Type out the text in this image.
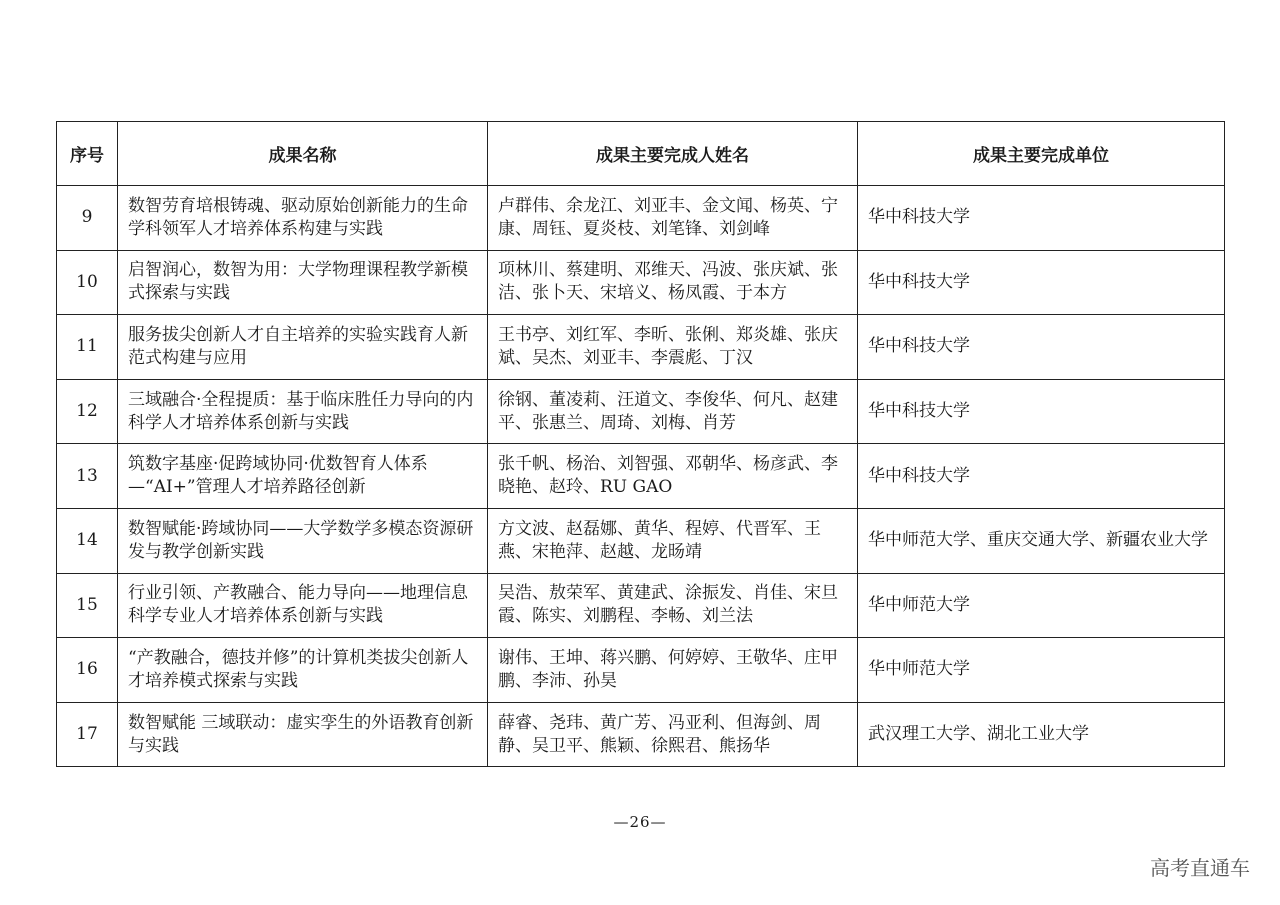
序号	成果名称	成果主要完成人姓名	成果主要完成单位
9	数智劳育培根铸魂、驱动原始创新能力的生命学科领军人才培养体系构建与实践	卢群伟、余龙江、刘亚丰、金文闻、杨英、宁康、周钰、夏炎枝、刘笔锋、刘剑峰	华中科技大学
10	启智润心，数智为用：大学物理课程教学新模式探索与实践	项林川、蔡建明、邓维天、冯波、张庆斌、张洁、张卜天、宋培义、杨凤霞、于本方	华中科技大学
11	服务拔尖创新人才自主培养的实验实践育人新范式构建与应用	王书亭、刘红军、李昕、张俐、郑炎雄、张庆斌、吴杰、刘亚丰、李震彪、丁汉	华中科技大学
12	三域融合·全程提质：基于临床胜任力导向的内科学人才培养体系创新与实践	徐钢、董凌莉、汪道文、李俊华、何凡、赵建平、张惠兰、周琦、刘梅、肖芳	华中科技大学
13	筑数字基座·促跨域协同·优数智育人体系—“AI+”管理人才培养路径创新	张千帆、杨治、刘智强、邓朝华、杨彦武、李晓艳、赵玲、RU GAO	华中科技大学
14	数智赋能·跨域协同——大学数学多模态资源研发与教学创新实践	方文波、赵磊娜、黄华、程婷、代晋军、王燕、宋艳萍、赵越、龙旸靖	华中师范大学、重庆交通大学、新疆农业大学
15	行业引领、产教融合、能力导向——地理信息科学专业人才培养体系创新与实践	吴浩、敖荣军、黄建武、涂振发、肖佳、宋旦霞、陈实、刘鹏程、李畅、刘兰法	华中师范大学
16	“产教融合，德技并修”的计算机类拔尖创新人才培养模式探索与实践	谢伟、王坤、蒋兴鹏、何婷婷、王敬华、庄甲鹏、李沛、孙昊	华中师范大学
17	数智赋能 三域联动：虚实孪生的外语教育创新与实践	薛睿、尧玮、黄广芳、冯亚利、但海剑、周静、吴卫平、熊颖、徐熙君、熊扬华	武汉理工大学、湖北工业大学
—26—
高考直通车
